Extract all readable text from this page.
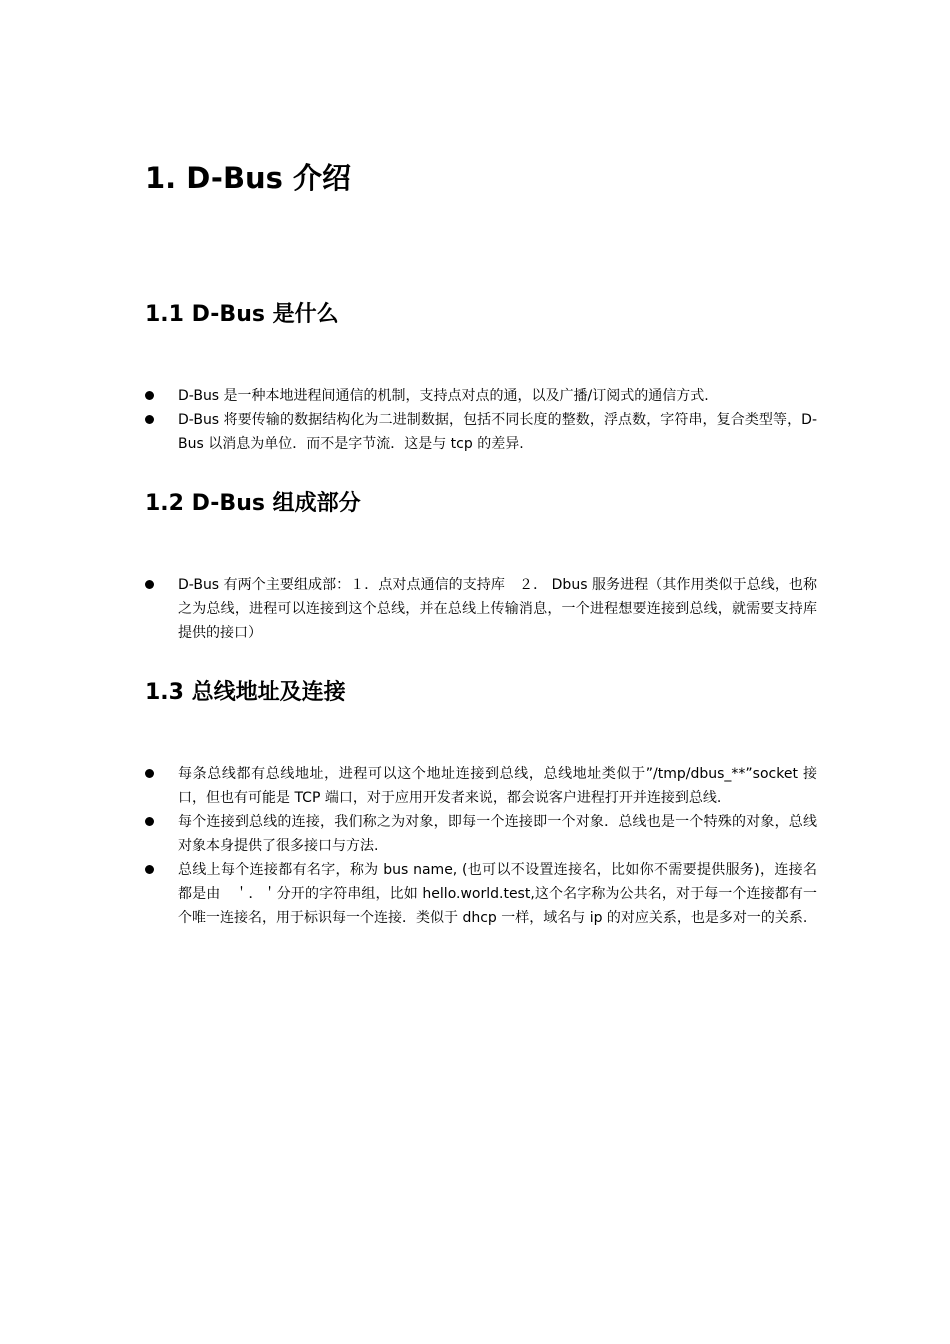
1. D-Bus 介绍
1.1 D-Bus 是什么
D-Bus 是一种本地进程间通信的机制，支持点对点的通，以及广播/订阅式的通信方式.
D-Bus 将要传输的数据结构化为二进制数据，包括不同长度的整数，浮点数，字符串，复合类型等，D-Bus 以消息为单位．而不是字节流．这是与 tcp 的差异.
1.2 D-Bus 组成部分
D-Bus 有两个主要组成部：１．点对点通信的支持库　２． Dbus 服务进程（其作用类似于总线，也称之为总线，进程可以连接到这个总线，并在总线上传输消息，一个进程想要连接到总线，就需要支持库提供的接口）
1.3 总线地址及连接
每条总线都有总线地址，进程可以这个地址连接到总线，总线地址类似于”/tmp/dbus_**”socket 接口，但也有可能是 TCP 端口，对于应用开发者来说，都会说客户进程打开并连接到总线.
每个连接到总线的连接，我们称之为对象，即每一个连接即一个对象．总线也是一个特殊的对象，总线对象本身提供了很多接口与方法.
总线上每个连接都有名字，称为 bus name, (也可以不设置连接名，比如你不需要提供服务)，连接名都是由　＇．＇分开的字符串组，比如 hello.world.test,这个名字称为公共名，对于每一个连接都有一个唯一连接名，用于标识每一个连接．类似于 dhcp 一样，域名与 ip 的对应关系，也是多对一的关系.
